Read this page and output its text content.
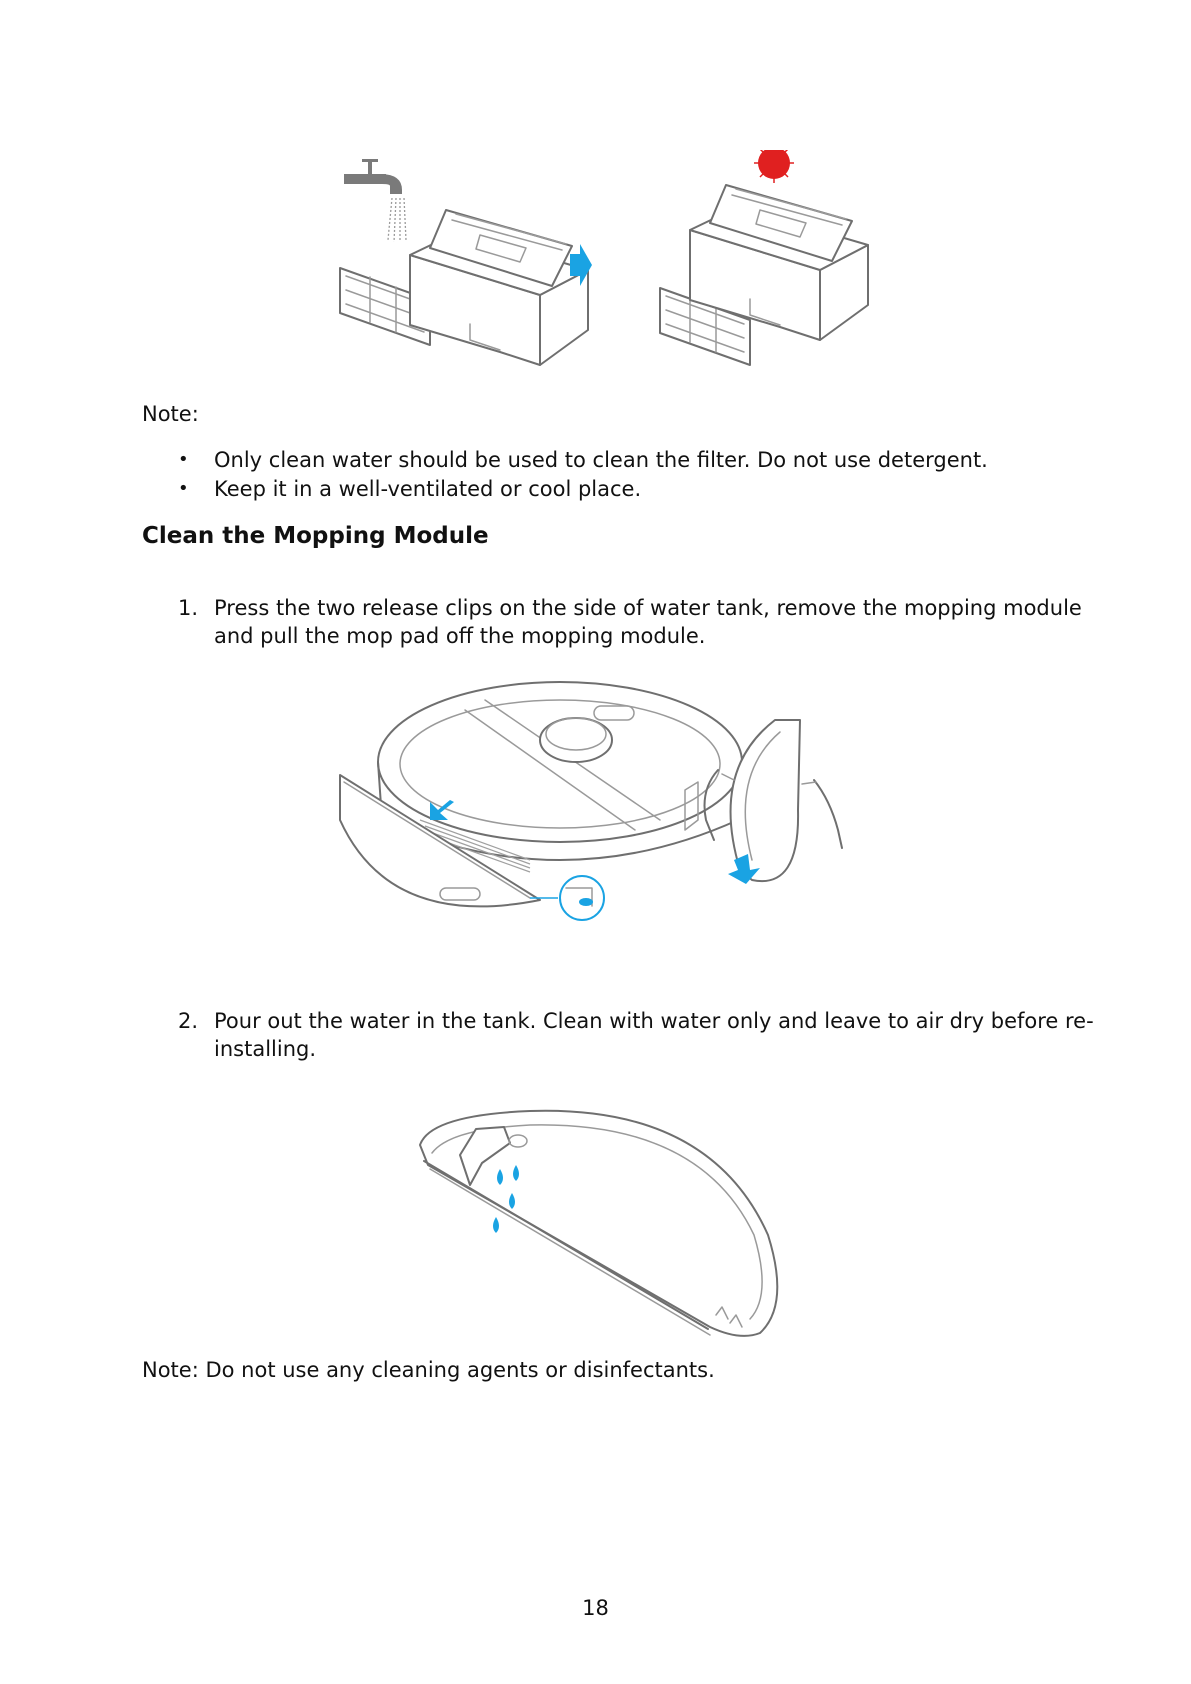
Note:

• Only clean water should be used to clean the filter. Do not use detergent.

• Keep it in a well-ventilated or cool place.

Clean the Mopping Module
1. Press the two release clips on the side of water tank, remove the mopping module

and pull the mop pad off the mopping module.

2. Pour out the water in the tank. Clean with water only and leave to air dry before re-

installing.

Note: Do not use any cleaning agents or disinfectants.

18
